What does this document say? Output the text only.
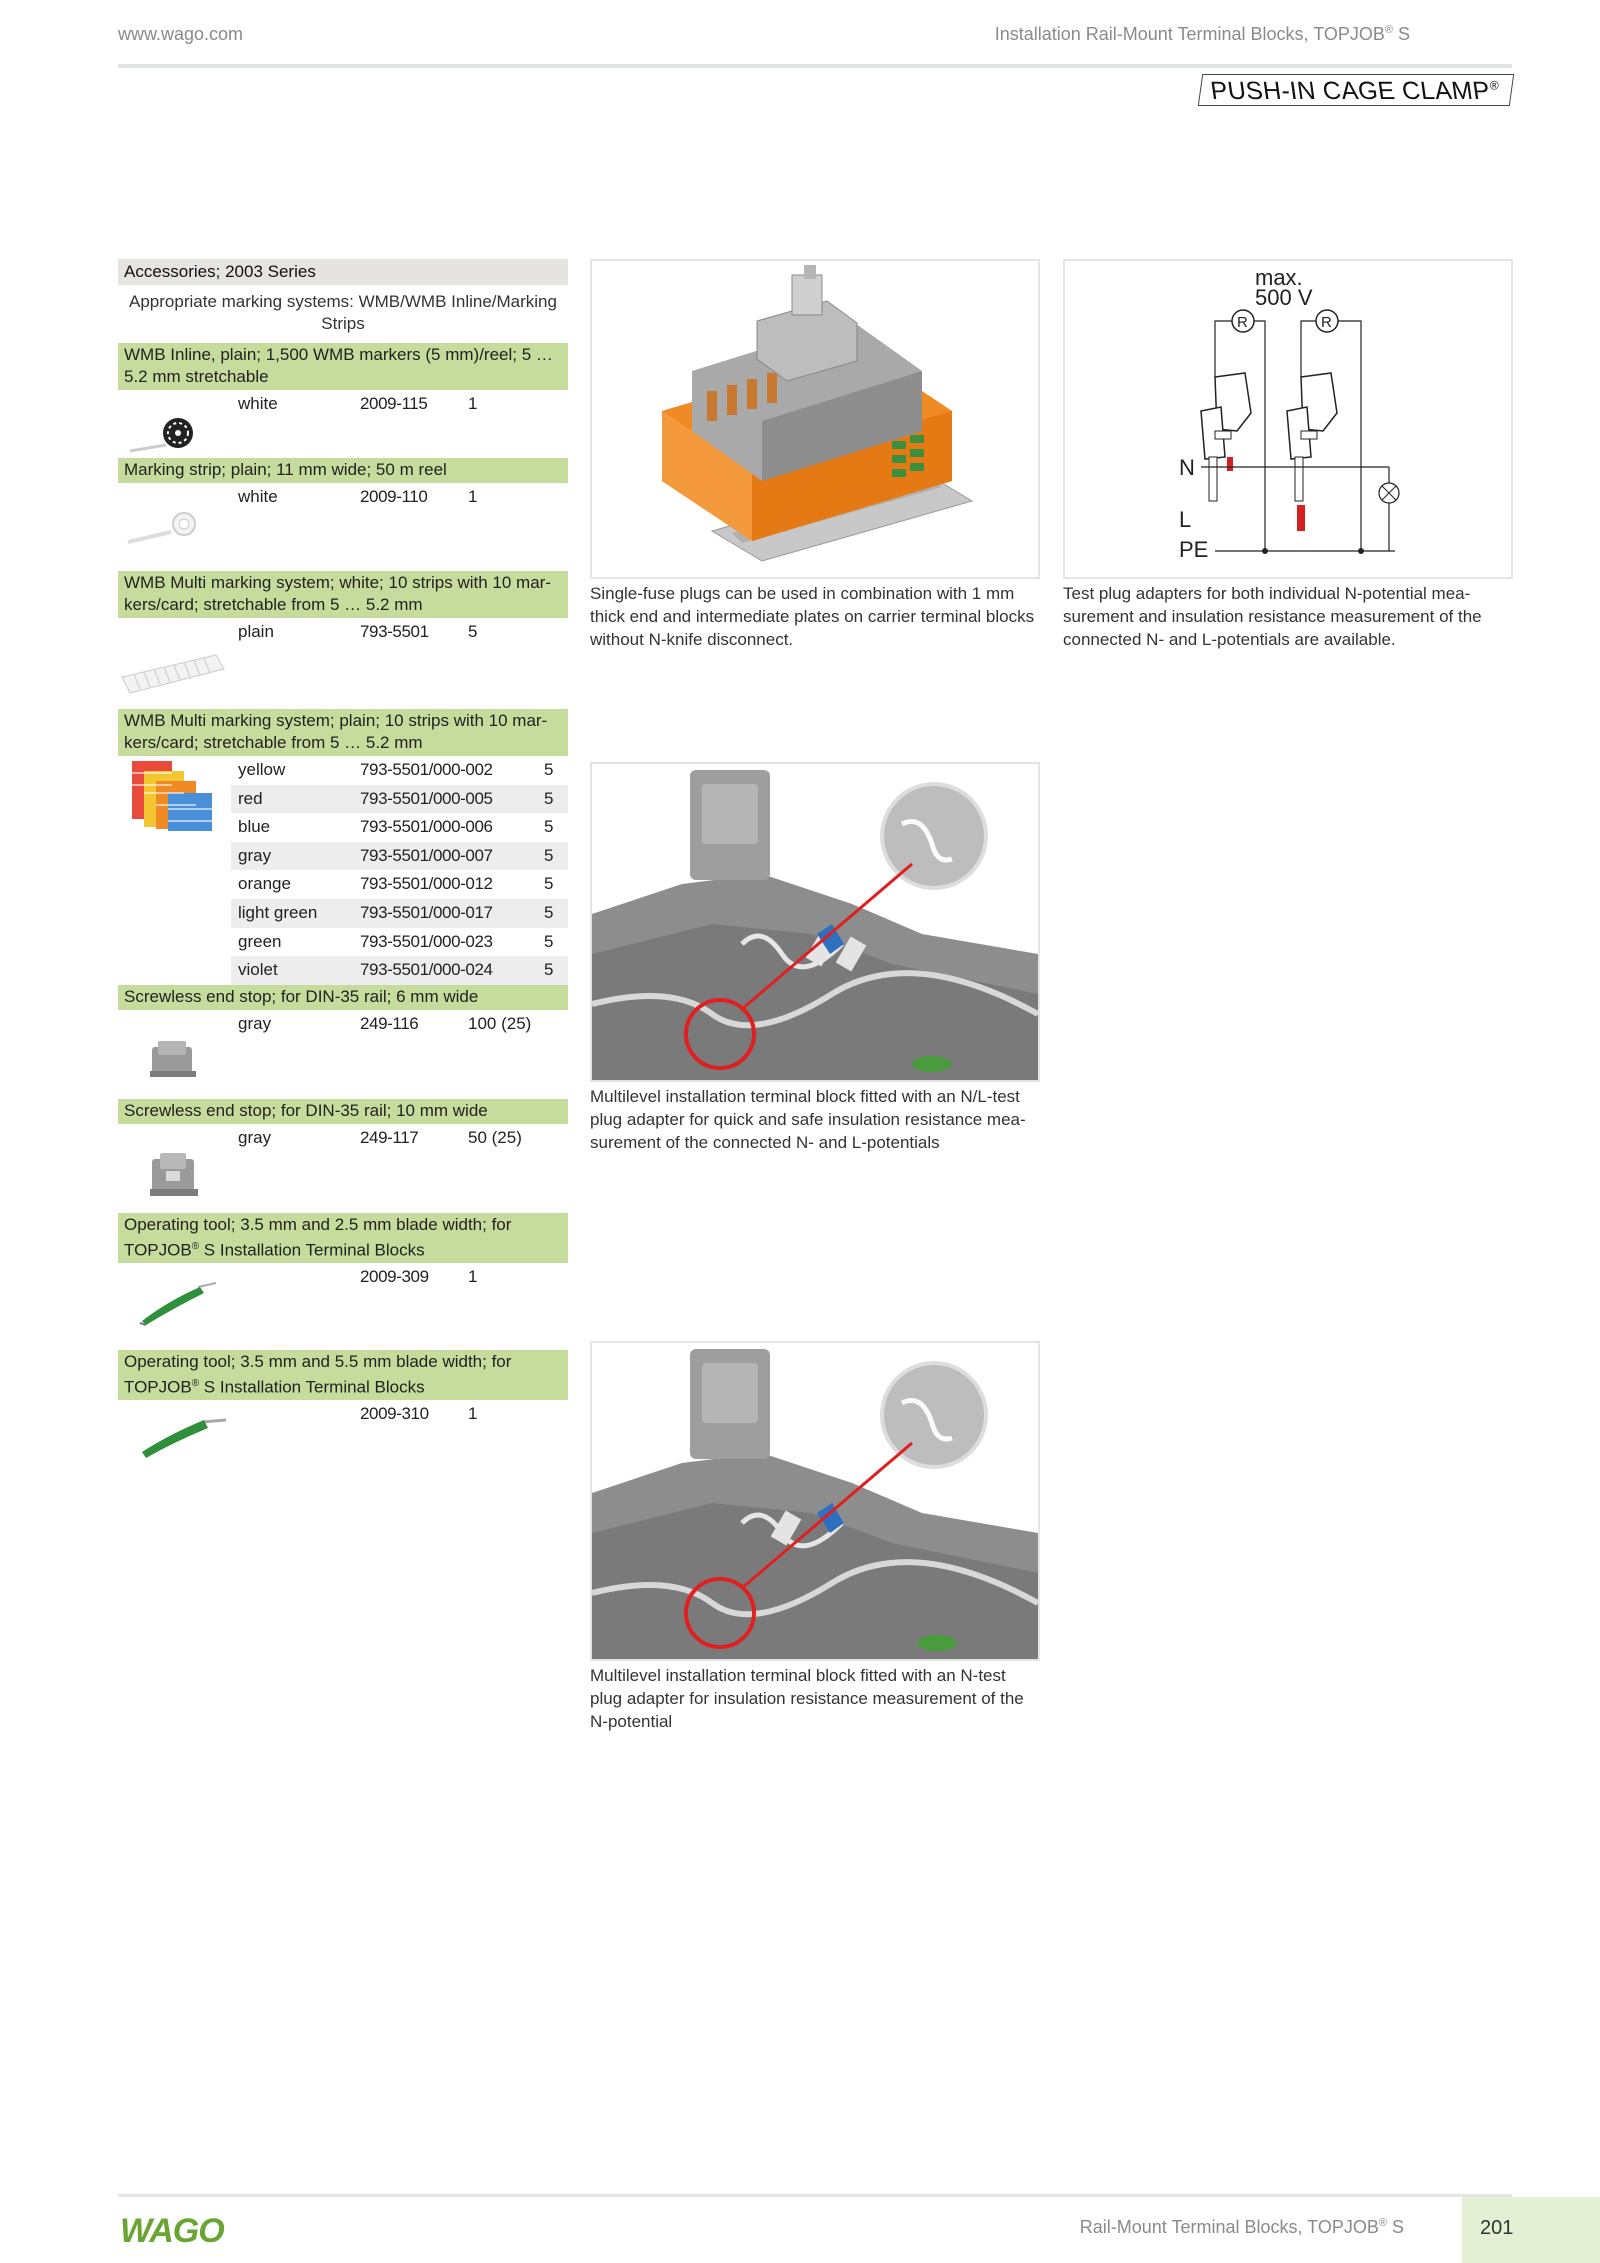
www.wago.com	Installation Rail-Mount Terminal Blocks, TOPJOB® S
PUSH-IN CAGE CLAMP®
Accessories; 2003 Series
Appropriate marking systems: WMB/WMB Inline/Marking Strips
WMB Inline, plain; 1,500 WMB markers (5 mm)/reel; 5 … 5.2 mm stretchable
white	2009-115 1
Marking strip; plain; 11 mm wide; 50 m reel
white	2009-110 1
WMB Multi marking system; white; 10 strips with 10 mar-kers/card; stretchable from 5 … 5.2 mm
plain	793-5501 5
WMB Multi marking system; plain; 10 strips with 10 mar-kers/card; stretchable from 5 … 5.2 mm
yellow	793-5501/000-002	5
red	793-5501/000-005	5
blue	793-5501/000-006	5
gray	793-5501/000-007	5
orange	793-5501/000-012	5
light green	793-5501/000-017	5
green	793-5501/000-023	5
violet	793-5501/000-024	5
Screwless end stop; for DIN-35 rail; 6 mm wide
gray	249-116	100 (25)
Screwless end stop; for DIN-35 rail; 10 mm wide
gray	249-117	50 (25)
Operating tool; 3.5 mm and 2.5 mm blade width; for TOPJOB® S Installation Terminal Blocks
2009-309 1
Operating tool; 3.5 mm and 5.5 mm blade width; for TOPJOB® S Installation Terminal Blocks
2009-310 1
Single-fuse plugs can be used in combination with 1 mm thick end and intermediate plates on carrier terminal blocks without N-knife disconnect.
max.
500 V
R	R
N
L
PE
Test plug adapters for both individual N-potential mea-surement and insulation resistance measurement of the connected N- and L-potentials are available.
Multilevel installation terminal block fitted with an N/L-test plug adapter for quick and safe insulation resistance mea-surement of the connected N- and L-potentials
Multilevel installation terminal block fitted with an N-test plug adapter for insulation resistance measurement of the N-potential
WAGO	Rail-Mount Terminal Blocks, TOPJOB® S	201
